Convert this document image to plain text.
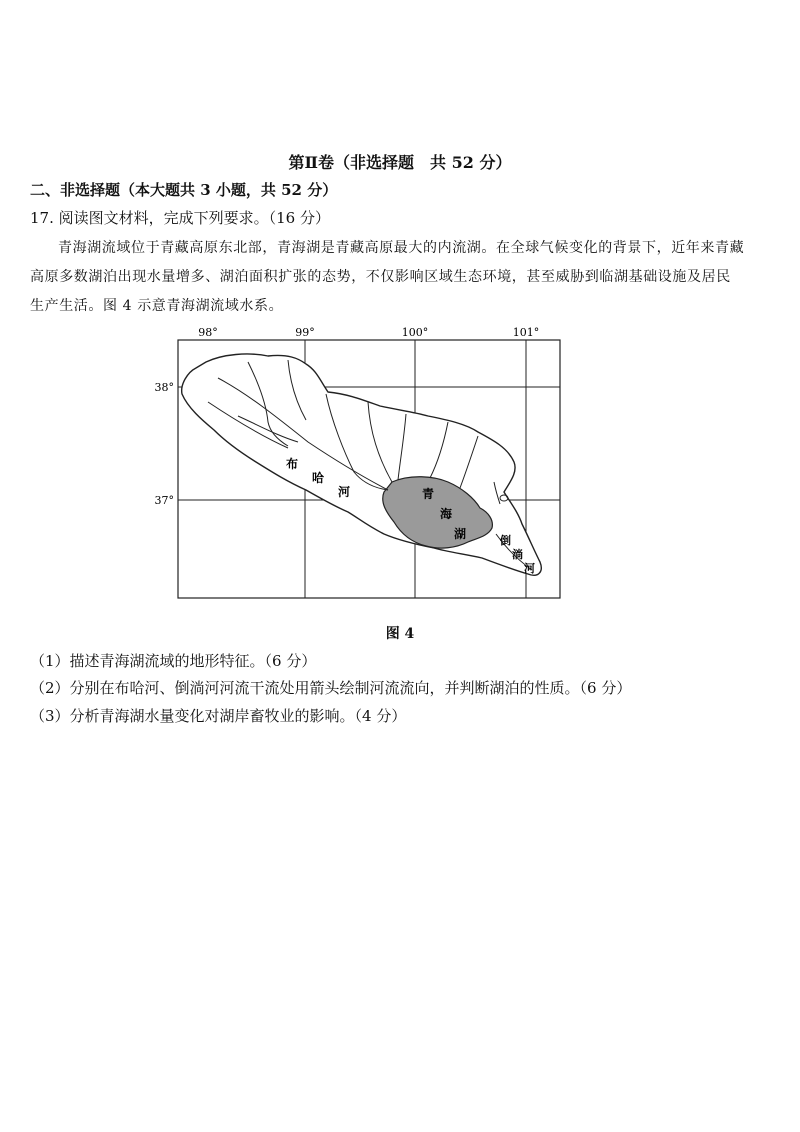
第Ⅱ卷（非选择题　共 52 分）
二、非选择题（本大题共 3 小题，共 52 分）
17. 阅读图文材料，完成下列要求。（16 分）
青海湖流域位于青藏高原东北部，青海湖是青藏高原最大的内流湖。在全球气候变化的背景下，近年来青藏高原多数湖泊出现水量增多、湖泊面积扩张的态势，不仅影响区域生态环境，甚至威胁到临湖基础设施及居民生产生活。图 4 示意青海湖流域水系。
98°	99°	100°	101°
38°
37°
布
哈
河	青
海
湖	倒
淌
河
图 4
（1）描述青海湖流域的地形特征。（6 分）
（2）分别在布哈河、倒淌河河流干流处用箭头绘制河流流向，并判断湖泊的性质。（6 分）
（3）分析青海湖水量变化对湖岸畜牧业的影响。（4 分）
